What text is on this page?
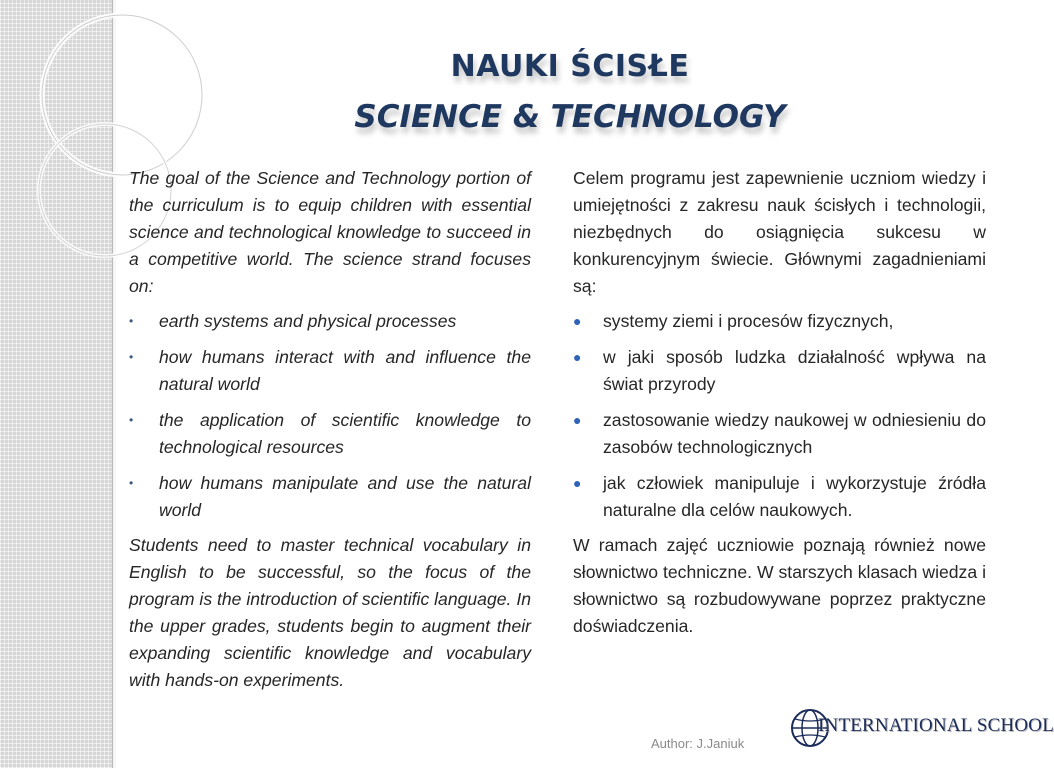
NAUKI ŚCISŁE
SCIENCE & TECHNOLOGY

The goal of the Science and Technology portion of the curriculum is to equip children with essential science and technological knowledge to succeed in a competitive world. The science strand focuses on:

•	earth systems and physical processes
•	how humans interact with and influence the natural world
•	the application of scientific knowledge to technological resources
•	how humans manipulate and use the natural world

Students need to master technical vocabulary in English to be successful, so the focus of the program is the introduction of scientific language. In the upper grades, students begin to augment their expanding scientific knowledge and vocabulary with hands-on experiments.

Celem programu jest zapewnienie uczniom wiedzy i umiejętności z zakresu nauk ścisłych i technologii, niezbędnych do osiągnięcia sukcesu w konkurencyjnym świecie. Głównymi zagadnieniami są:

●	systemy ziemi i procesów fizycznych,
●	w jaki sposób ludzka działalność wpływa na świat przyrody
●	zastosowanie wiedzy naukowej w odniesieniu do zasobów technologicznych
●	jak człowiek manipuluje i wykorzystuje źródła naturalne dla celów naukowych.

W ramach zajęć uczniowie poznają również nowe słownictwo techniczne. W starszych klasach wiedza i słownictwo są rozbudowywane poprzez praktyczne doświadczenia.

Author: J.Janiuk
INTERNATIONAL SCHOOL
